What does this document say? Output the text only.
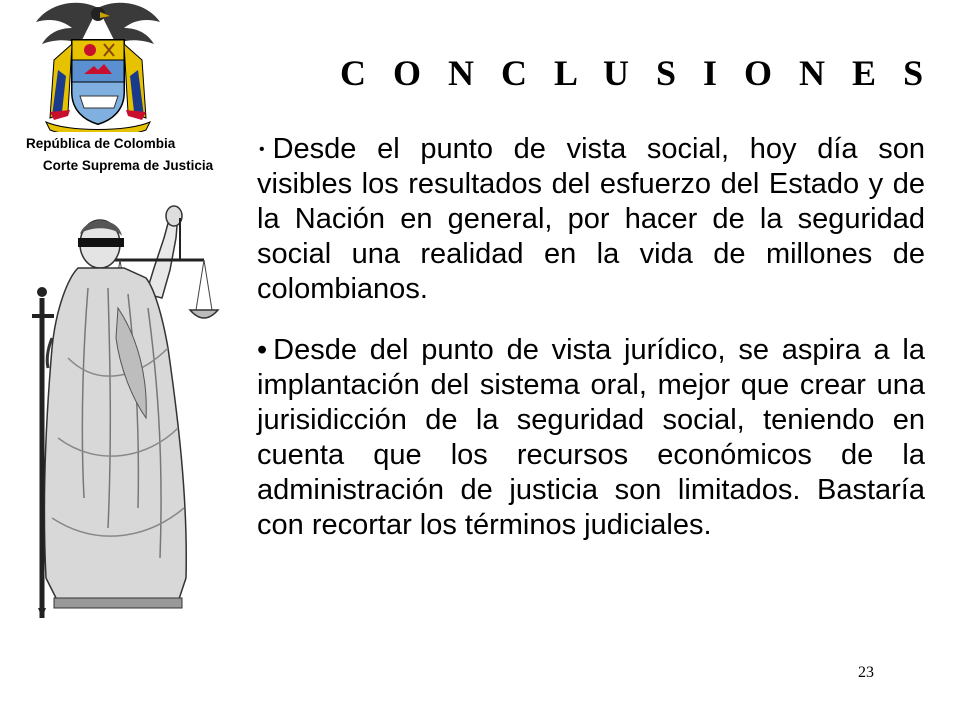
República de Colombia
Corte Suprema de Justicia
C O N C L U S I O N E S

• Desde el punto de vista social, hoy día son visibles los resultados del esfuerzo del Estado y de la Nación en general, por hacer de la seguridad social una realidad en la vida de millones de colombianos.

• Desde del punto de vista jurídico, se aspira a la implantación del sistema oral, mejor que crear una jurisidicción de la seguridad social, teniendo en cuenta que los recursos económicos de la administración de justicia son limitados. Bastaría con recortar los términos judiciales.

23
